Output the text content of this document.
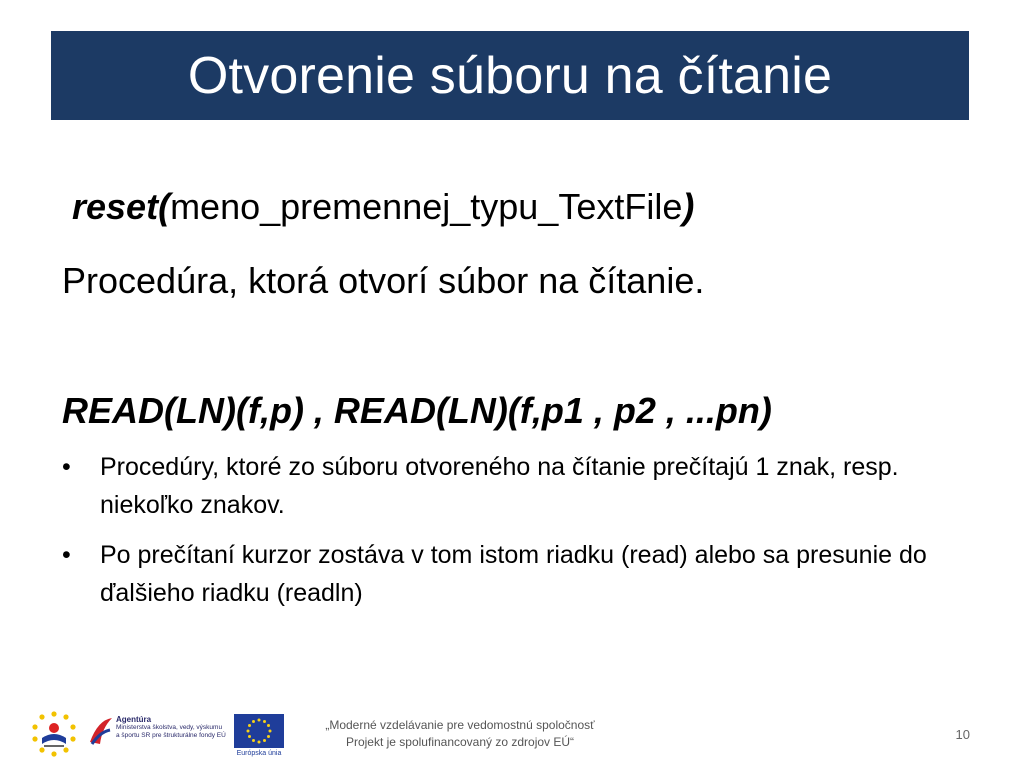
Otvorenie súboru na čítanie
reset(meno_premennej_typu_TextFile)
Procedúra, ktorá otvorí súbor na čítanie.
READ(LN)(f,p) , READ(LN)(f,p1 , p2 , ...pn)
• Procedúry, ktoré zo súboru otvoreného na čítanie prečítajú 1 znak, resp. niekoľko znakov.
• Po prečítaní kurzor zostáva v tom istom riadku (read) alebo sa presunie do ďalšieho riadku (readln)
Agentúra
Ministerstva školstva, vedy, výskumu a športu SR pre štrukturálne fondy EÚ
Európska únia
„Moderné vzdelávanie pre vedomostnú spoločnosť
Projekt je spolufinancovaný zo zdrojov EÚ“	10
